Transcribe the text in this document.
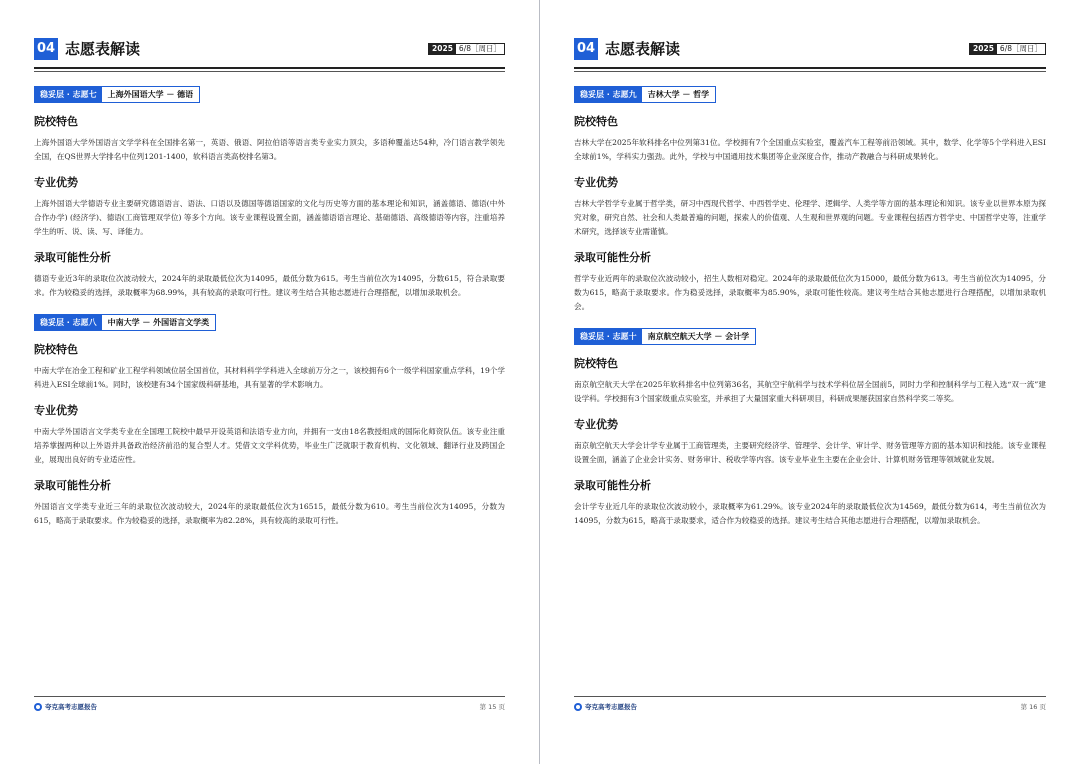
04 志愿表解读	2025 6/8［周日］
稳妥层 · 志愿七	上海外国语大学 － 德语
院校特色
上海外国语大学外国语言文学学科在全国排名第一，英语、俄语、阿拉伯语等语言类专业实力顶尖，多语种覆盖达54种，冷门语言教学领先全国，在QS世界大学排名中位列1201-1400，软科语言类高校排名第3。
专业优势
上海外国语大学德语专业主要研究德语语言、语法、口语以及德国等德语国家的文化与历史等方面的基本理论和知识，涵盖德语、德语(中外合作办学) (经济学)、德语(工商管理双学位) 等多个方向。该专业课程设置全面，涵盖德语语言理论、基础德语、高级德语等内容，注重培养学生的听、说、读、写、译能力。
录取可能性分析
德语专业近3年的录取位次波动较大，2024年的录取最低位次为14095，最低分数为615。考生当前位次为14095，分数615，符合录取要求。作为较稳妥的选择，录取概率为68.99%，具有较高的录取可行性。建议考生结合其他志愿进行合理搭配，以增加录取机会。
稳妥层 · 志愿八	中南大学 － 外国语言文学类
院校特色
中南大学在冶金工程和矿业工程学科领域位居全国首位，其材料科学学科进入全球前万分之一，该校拥有6个一级学科国家重点学科，19个学科进入ESI全球前1%。同时，该校建有34个国家级科研基地，具有显著的学术影响力。
专业优势
中南大学外国语言文学类专业在全国理工院校中最早开设英语和法语专业方向，并拥有一支由18名教授组成的国际化师资队伍。该专业注重培养掌握两种以上外语并具备政治经济前沿的复合型人才。凭借文文学科优势，毕业生广泛就职于教育机构、文化领域、翻译行业及跨国企业，展现出良好的专业适应性。
录取可能性分析
外国语言文学类专业近三年的录取位次波动较大，2024年的录取最低位次为16515，最低分数为610。考生当前位次为14095，分数为615，略高于录取要求。作为较稳妥的选择，录取概率为82.28%，具有较高的录取可行性。
夸克高考志愿报告	第 15 页
04 志愿表解读	2025 6/8［周日］
稳妥层 · 志愿九	吉林大学 － 哲学
院校特色
吉林大学在2025年软科排名中位列第31位。学校拥有7个全国重点实验室，覆盖汽车工程等前沿领域。其中，数学、化学等5个学科进入ESI全球前1%，学科实力强劲。此外，学校与中国通用技术集团等企业深度合作，推动产教融合与科研成果转化。
专业优势
吉林大学哲学专业属于哲学类，研习中西现代哲学、中西哲学史、伦理学、逻辑学、人类学等方面的基本理论和知识。该专业以世界本原为探究对象，研究自然、社会和人类最普遍的问题，探索人的价值观、人生观和世界观的问题。专业课程包括西方哲学史、中国哲学史等，注重学术研究，选择该专业需谨慎。
录取可能性分析
哲学专业近两年的录取位次波动较小，招生人数相对稳定。2024年的录取最低位次为15000，最低分数为613。考生当前位次为14095，分数为615，略高于录取要求。作为稳妥选择，录取概率为85.90%，录取可能性较高。建议考生结合其他志愿进行合理搭配，以增加录取机会。
稳妥层 · 志愿十	南京航空航天大学 － 会计学
院校特色
南京航空航天大学在2025年软科排名中位列第36名，其航空宇航科学与技术学科位居全国前5，同时力学和控制科学与工程入选“双一流”建设学科。学校拥有3个国家级重点实验室，并承担了大量国家重大科研项目，科研成果屡获国家自然科学奖二等奖。
专业优势
南京航空航天大学会计学专业属于工商管理类，主要研究经济学、管理学、会计学、审计学、财务管理等方面的基本知识和技能。该专业课程设置全面，涵盖了企业会计实务、财务审计、税收学等内容。该专业毕业生主要在企业会计、计算机财务管理等领域就业发展。
录取可能性分析
会计学专业近几年的录取位次波动较小，录取概率为61.29%。该专业2024年的录取最低位次为14569，最低分数为614，考生当前位次为14095，分数为615，略高于录取要求，适合作为较稳妥的选择。建议考生结合其他志愿进行合理搭配，以增加录取机会。
夸克高考志愿报告	第 16 页
